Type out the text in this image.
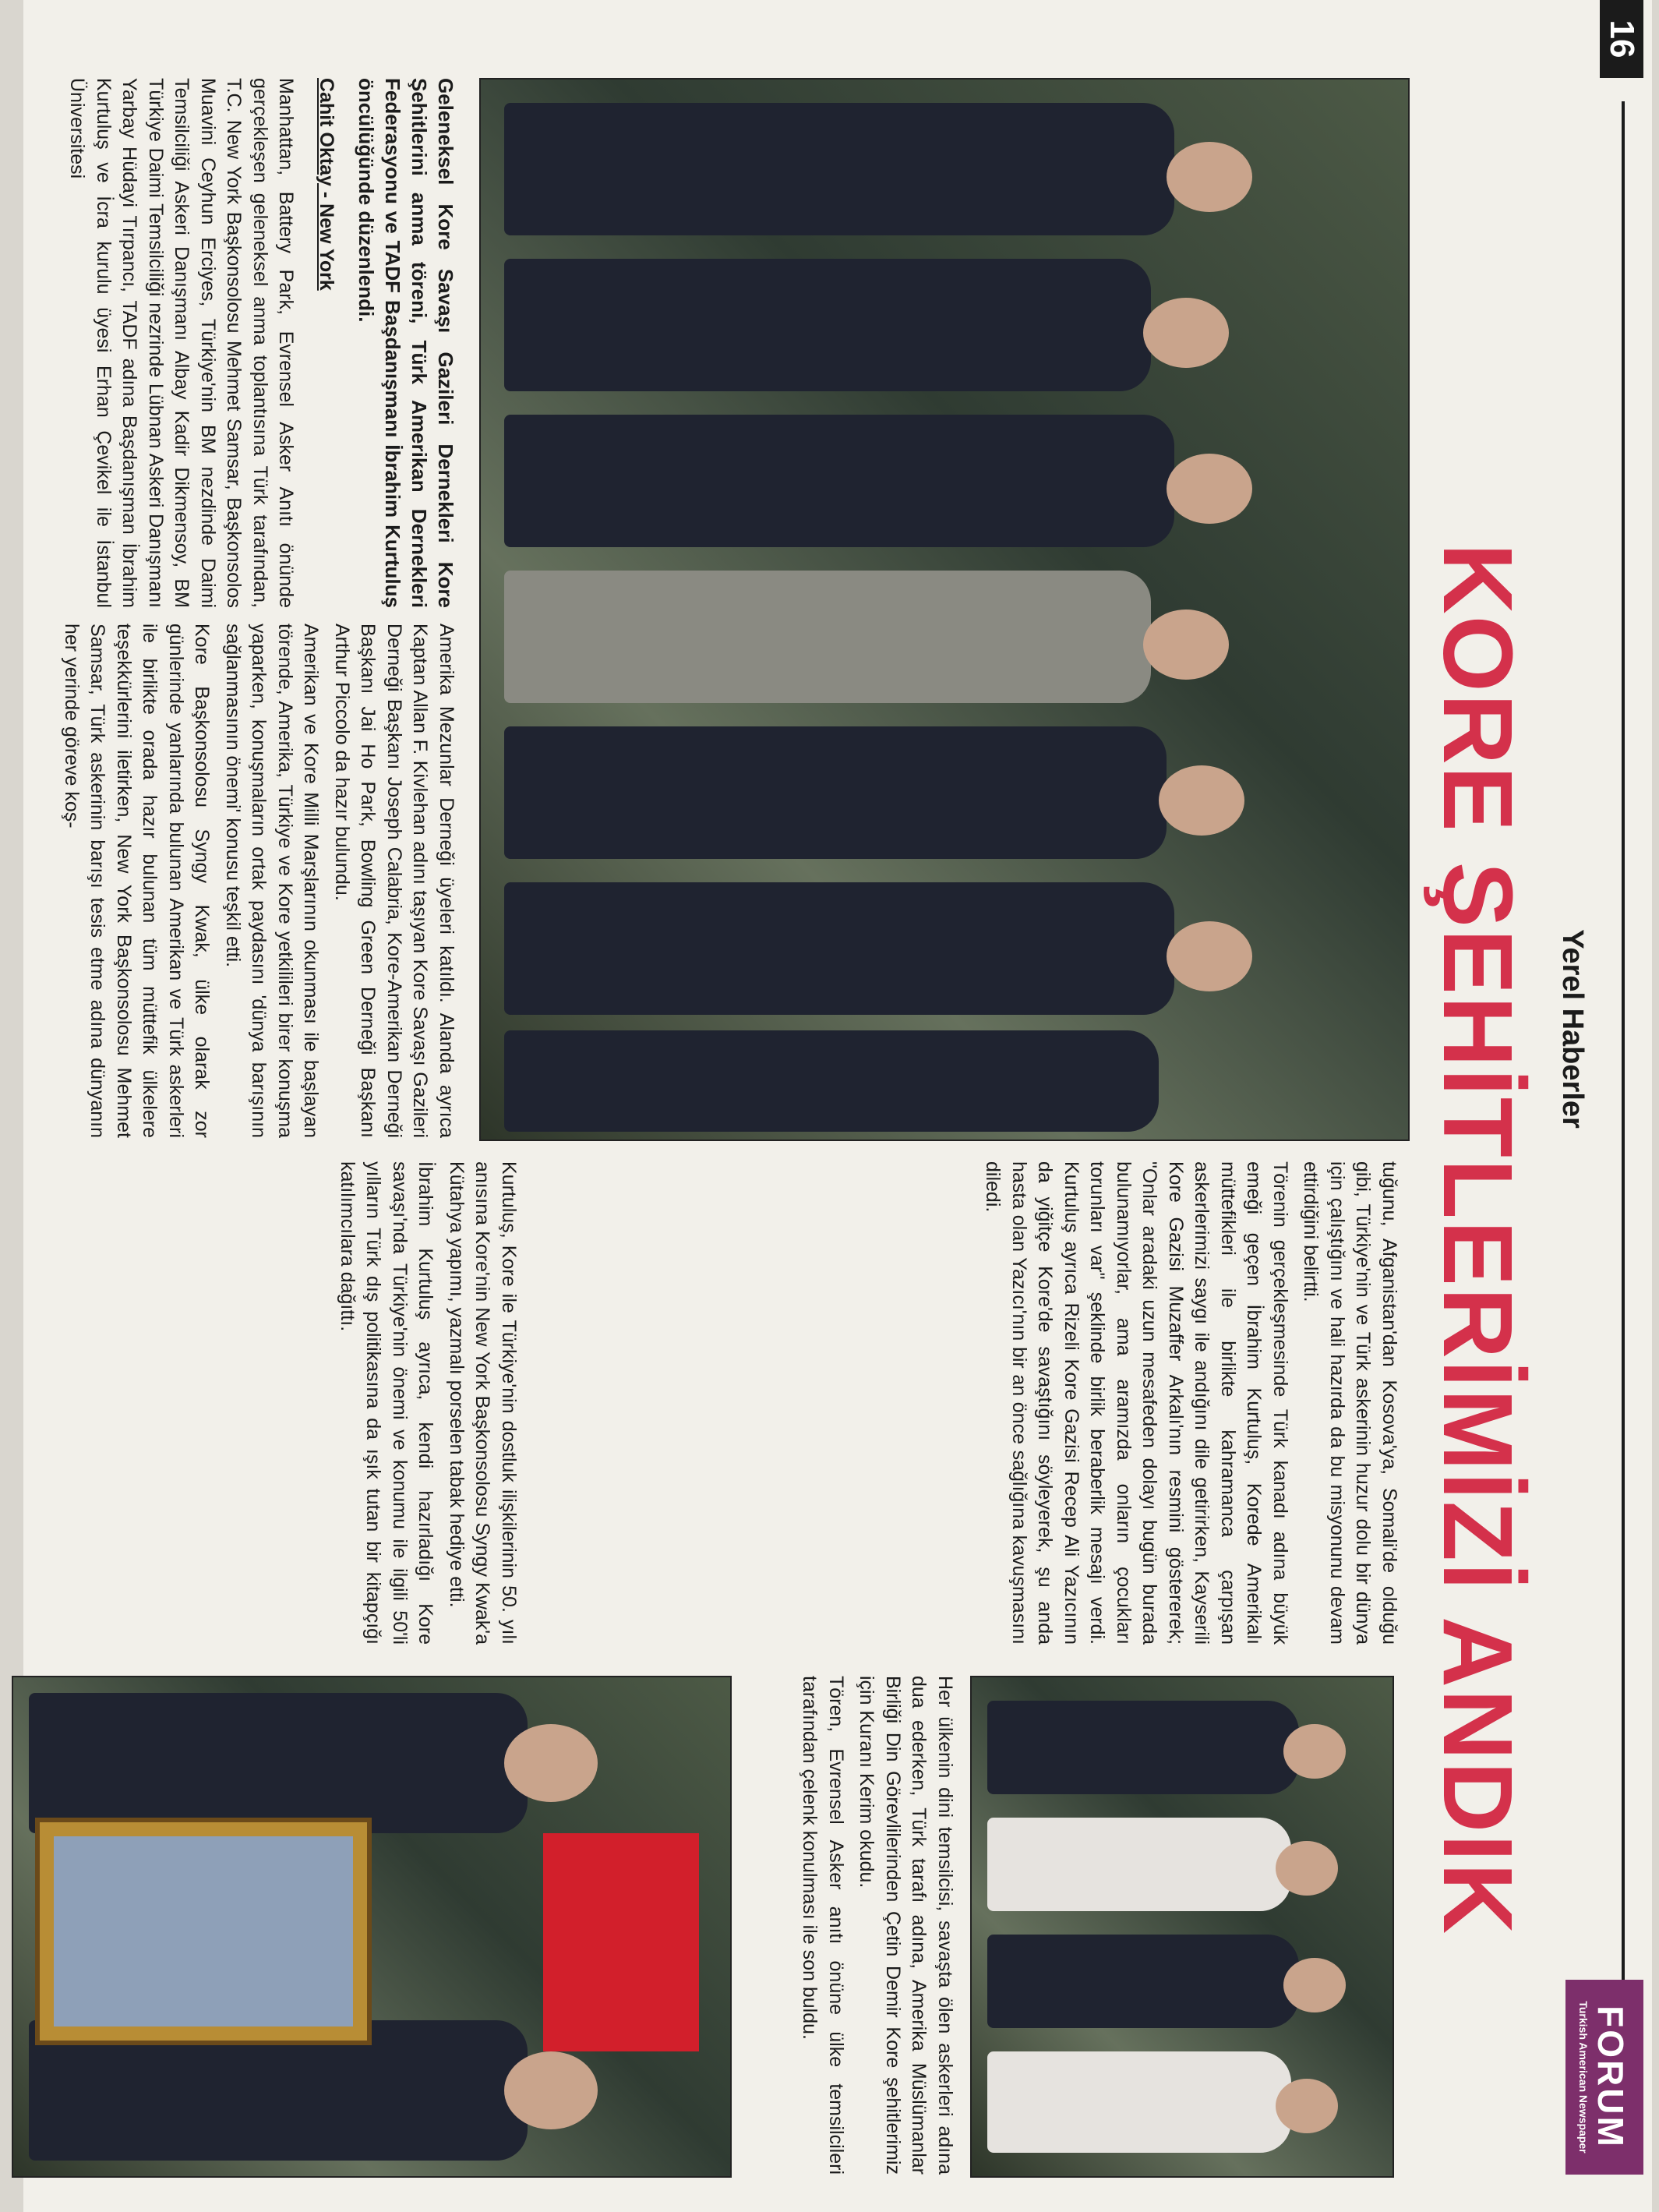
16
Yerel Haberler
FORUM
Turkish American Newspaper
KORE ŞEHİTLERİMİZİ ANDIK

Geleneksel Kore Savaşı Gazileri Dernekleri Kore Şehitlerini anma töreni, Türk Amerikan Dernekleri Federasyonu ve TADF Başdanışmanı İbrahim Kurtuluş öncülüğünde düzenlendi.

Cahit Oktay - New York

Manhattan, Battery Park, Evrensel Asker Anıtı önünde gerçekleşen geleneksel anma toplantısına Türk tarafından, T.C. New York Başkonsolosu Mehmet Samsar, Başkonsolos Muavini Ceyhun Erciyes, Türkiye'nin BM nezdinde Daimi Temsilciliği Askeri Danışmanı Albay Kadir Dikmensoy, BM Türkiye Daimi Temsilciliği nezrinde Lübnan Askeri Danışmanı Yarbay Hüdayi Tırpancı, TADF adına Başdanışman İbrahim Kurtuluş ve İcra kurulu üyesi Erhan Çevikel ile İstanbul Üniversitesi

Amerika Mezunlar Derneği üyeleri katıldı. Alanda ayrıca Kaptan Allan F. Kivlehan adını taşıyan Kore Savaşı Gazileri Derneği Başkanı Joseph Calabria, Kore-Amerikan Derneği Başkanı Jai Ho Park, Bowling Green Derneği Başkanı Arthur Piccolo da hazır bulundu.

Amerikan ve Kore Milli Marşlarının okunması ile başlayan törende, Amerika, Türkiye ve Kore yetkilileri birer konuşma yaparken, konuşmaların ortak paydasını 'dünya barışının sağlanmasının önemi' konusu teşkil etti.

Kore Başkonsolosu Syngy Kwak, ülke olarak zor günlerinde yanlarında bulunan Amerikan ve Türk askerleri ile birlikte orada hazır bulunan tüm müttefik ülkelere teşekkürlerini iletirken, New York Başkonsolosu Mehmet Samsar, Türk askerinin barışı tesis etme adına dünyanın her yerinde göreve koş-

tuğunu, Afganistan'dan Kosova'ya, Somali'de olduğu gibi, Türkiye'nin ve Türk askerinin huzur dolu bir dünya için çalıştığını ve hali hazırda da bu misyonunu devam ettirdiğini belirtti.

Törenin gerçekleşmesinde Türk kanadı adına büyük emeği geçen İbrahim Kurtuluş, Korede Amerikalı müttefikleri ile birlikte kahramanca çarpışan askerlerimizi saygı ile andığını dile getirirken, Kayserili Kore Gazisi Muzaffer Arkalı'nın resmini göstererek; "Onlar aradaki uzun mesafeden dolayı bugün burada bulunamıyorlar, ama aramızda onların çocukları torunları var" şeklinde birlik beraberlik mesajı verdi. Kurtuluş ayrıca Rizeli Kore Gazisi Recep Ali Yazıcının da yiğitçe Kore'de savaştığını söyleyerek, şu anda hasta olan Yazıcı'nın bir an önce sağlığına kavuşmasını diledi.

Kurtuluş, Kore ile Türkiye'nin dostluk ilişkilerinin 50. yılı anısına Kore'nin New York Başkonsolosu Syngy Kwak'a Kütahya yapımı, yazmalı porselen tabak hediye etti.

İbrahim Kurtuluş ayrıca, kendi hazırladığı Kore savaşı'nda Türkiye'nin önemi ve konumu ile ilgili 50'li yılların Türk dış politikasına da ışık tutan bir kitapçığı katılımcılara dağıttı.

Her ülkenin dini temsilcisi, savaşta ölen askerleri adına dua ederken, Türk tarafı adına, Amerika Müslümanlar Birliği Din Görevlilerinden Çetin Demir Kore şehitlerimiz için Kuranı Kerim okudu.

Tören, Evrensel Asker anıtı önüne ülke temsilcileri tarafından çelenk konulması ile son buldu.
